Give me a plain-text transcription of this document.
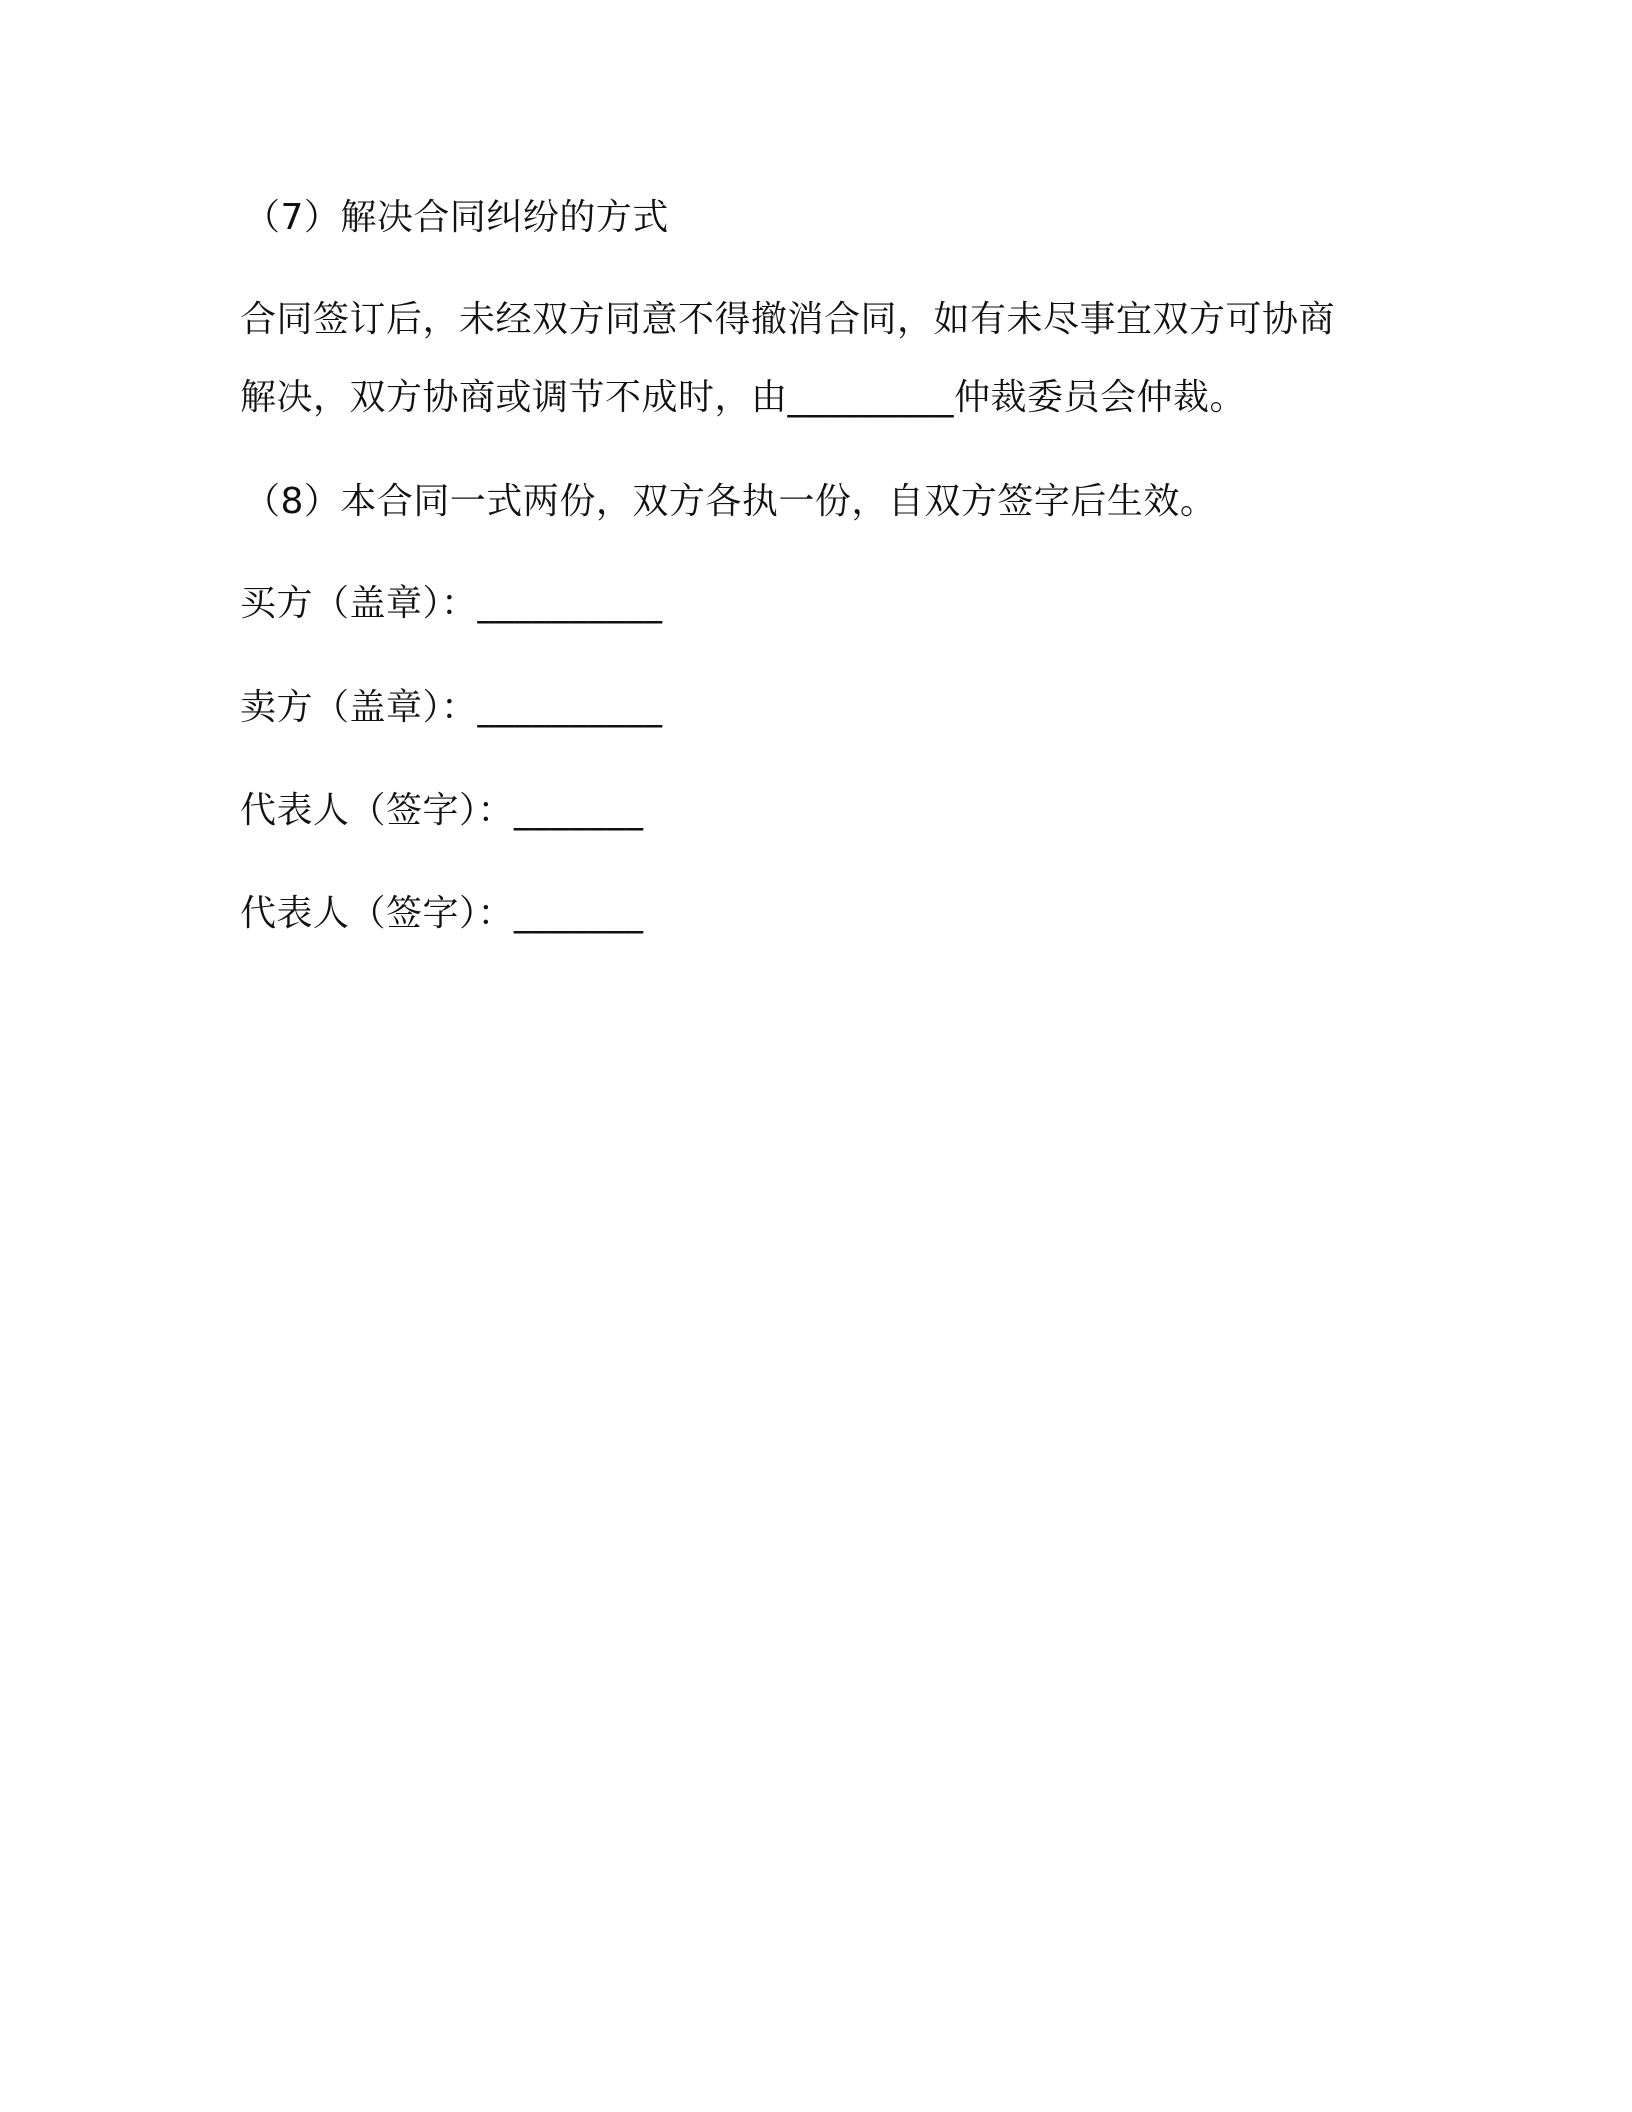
（7）解决合同纠纷的方式
合同签订后，未经双方同意不得撤消合同，如有未尽事宜双方可协商
解决，双方协商或调节不成时，由_________仲裁委员会仲裁。
（8）本合同一式两份，双方各执一份，自双方签字后生效。
买方（盖章）：__________
卖方（盖章）：__________
代表人（签字）：_______
代表人（签字）：_______
